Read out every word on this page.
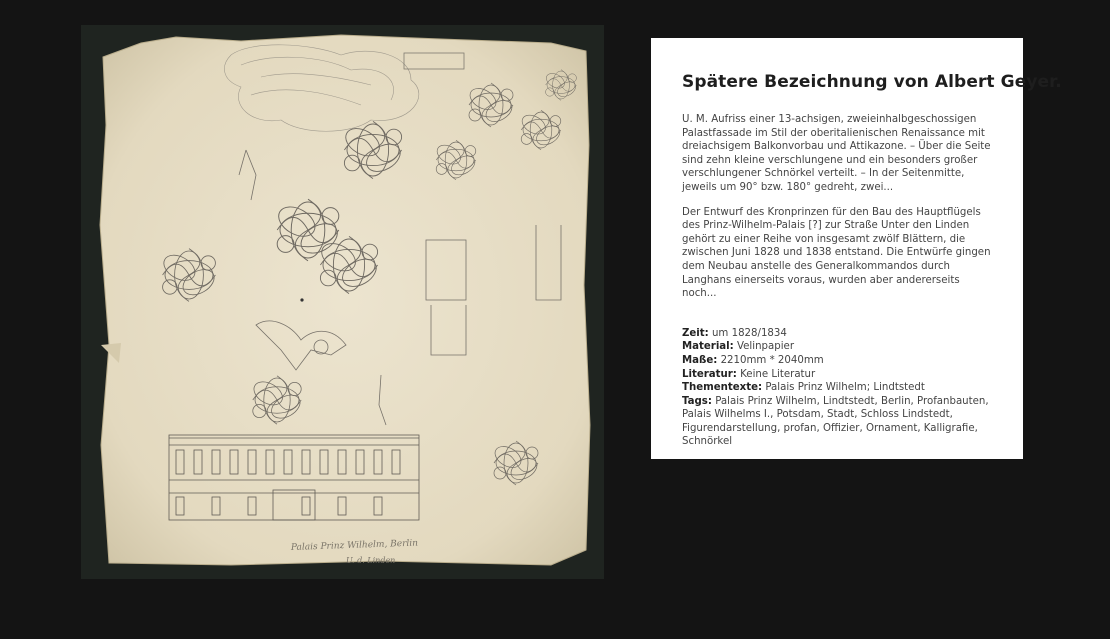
Palais Prinz Wilhelm, Berlin
U. d. Linden
Spätere Bezeichnung von Albert Geyer.

U. M. Aufriss einer 13-achsigen, zweieinhalbgeschossigen Palastfassade im Stil der oberitalienischen Renaissance mit dreiachsigem Balkonvorbau und Attikazone. – Über die Seite sind zehn kleine verschlungene und ein besonders großer verschlungener Schnörkel verteilt. – In der Seitenmitte, jeweils um 90° bzw. 180° gedreht, zwei...

Der Entwurf des Kronprinzen für den Bau des Hauptflügels des Prinz-Wilhelm-Palais [?] zur Straße Unter den Linden gehört zu einer Reihe von insgesamt zwölf Blättern, die zwischen Juni 1828 und 1838 entstand. Die Entwürfe gingen dem Neubau anstelle des Generalkommandos durch Langhans einerseits voraus, wurden aber andererseits noch...

Zeit: um 1828/1834

Material: Velinpapier

Maße: 2210mm * 2040mm

Literatur: Keine Literatur

Thementexte: Palais Prinz Wilhelm; Lindtstedt

Tags: Palais Prinz Wilhelm, Lindtstedt, Berlin, Profanbauten, Palais Wilhelms I., Potsdam, Stadt, Schloss Lindstedt, Figurendarstellung, profan, Offizier, Ornament, Kalligrafie, Schnörkel
